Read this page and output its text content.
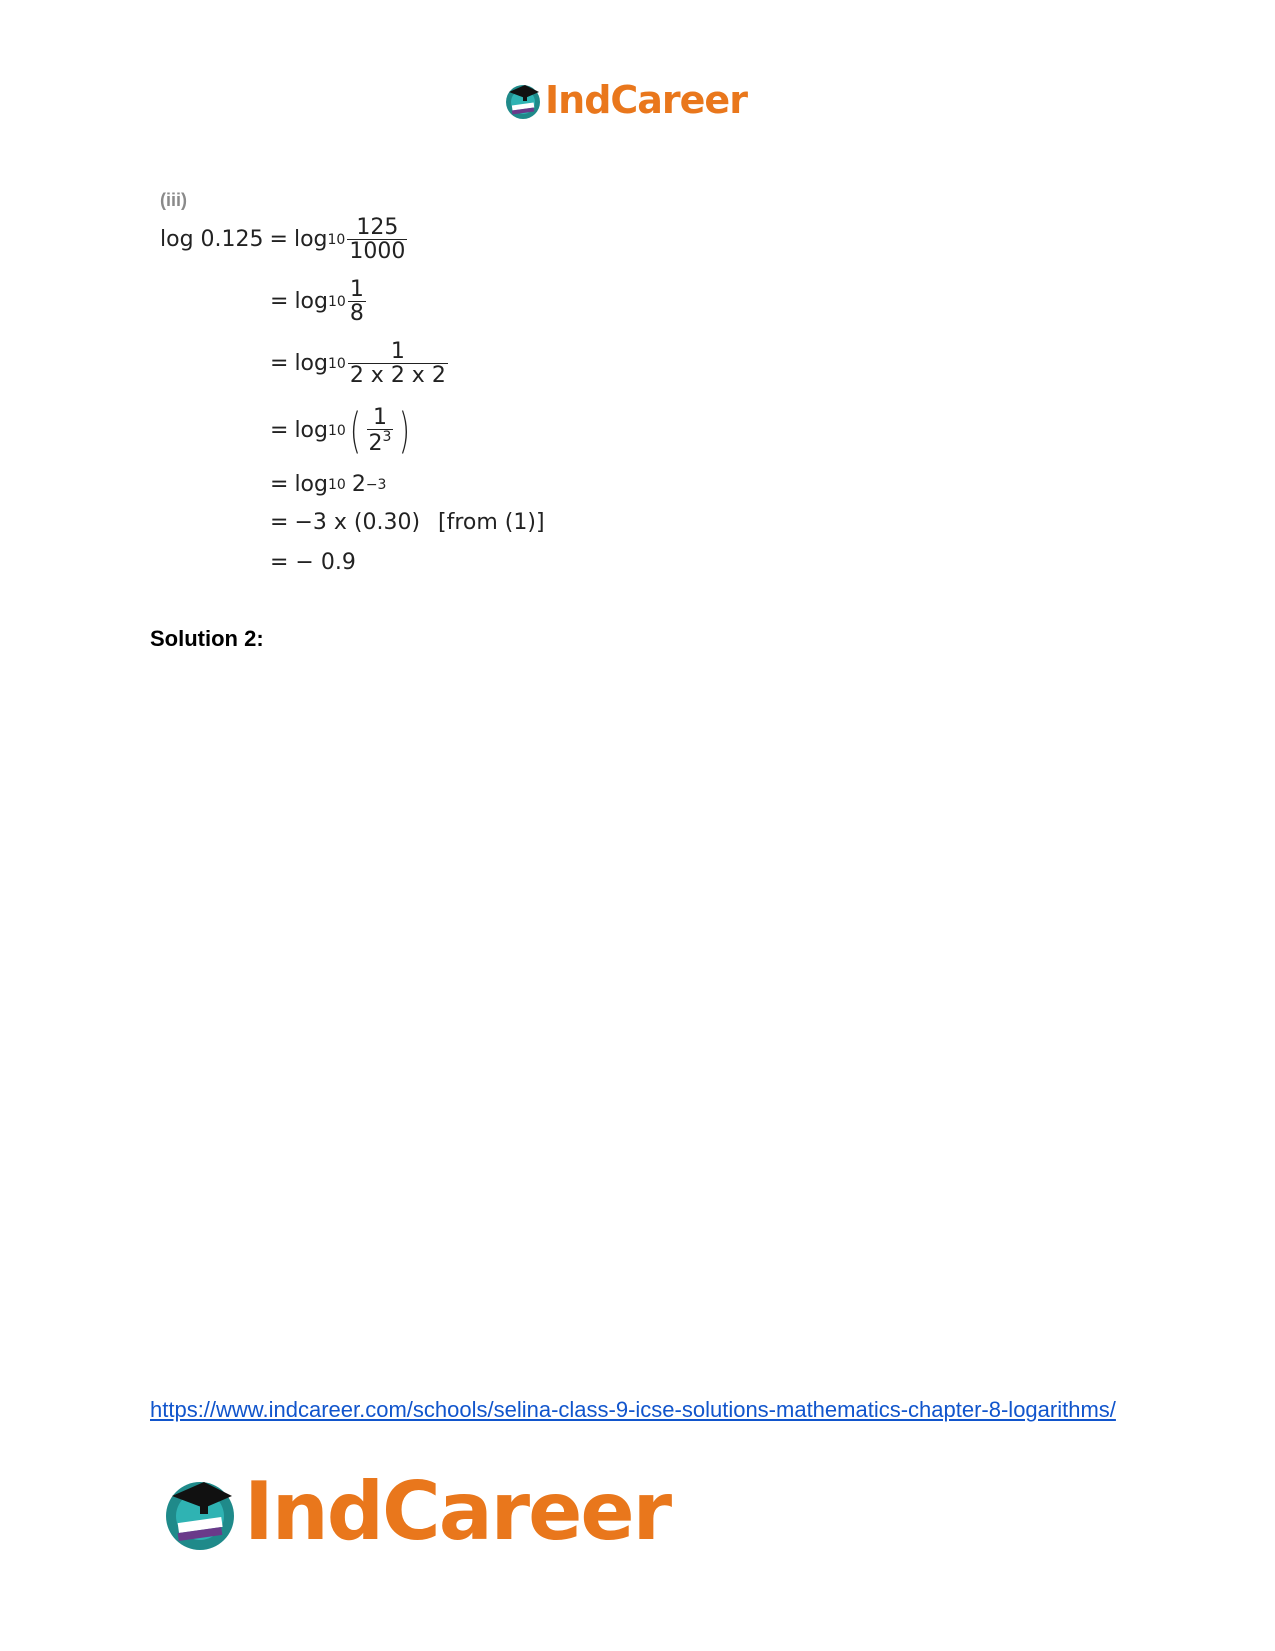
IndCareer
(iii)
$\log 0.125 = \log 10 \frac{125}{1000}$
= $\log 10 \frac{1}{8}$
= $\log 10 \frac{1}{2 x 2 x 2}$
= log 10 ( $\frac{1}{2^3}$ )
= log 10 2 −3
= −3 x (0.30) [from (1)]
= − 0.9
Solution 2:
https://www.indcareer.com/schools/selina-class-9-icse-solutions-mathematics-chapter-8-logarithms/
IndCareer
